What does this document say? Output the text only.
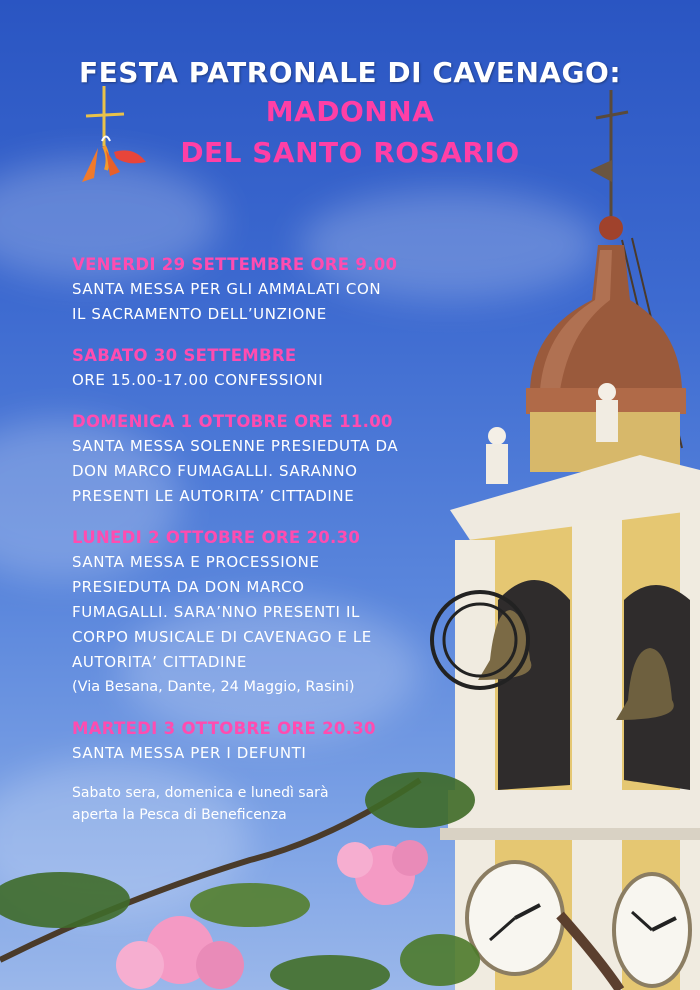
FESTA PATRONALE DI CAVENAGO:
MADONNA
DEL SANTO ROSARIO
VENERDI 29 SETTEMBRE ORE 9.00
SANTA MESSA PER GLI AMMALATI CON
IL SACRAMENTO DELL’UNZIONE
SABATO 30 SETTEMBRE
ORE 15.00-17.00 CONFESSIONI
DOMENICA 1 OTTOBRE ORE 11.00
SANTA MESSA SOLENNE PRESIEDUTA DA
DON MARCO FUMAGALLI. SARANNO
PRESENTI LE AUTORITA’ CITTADINE
LUNEDI 2 OTTOBRE ORE 20.30
SANTA MESSA E PROCESSIONE
PRESIEDUTA DA DON MARCO
FUMAGALLI. SARA’NNO PRESENTI IL
CORPO MUSICALE DI CAVENAGO E LE
AUTORITA’ CITTADINE
(Via Besana, Dante, 24 Maggio, Rasini)
MARTEDI 3 OTTOBRE ORE 20.30
SANTA MESSA PER I DEFUNTI
Sabato sera, domenica e lunedì sarà
aperta la Pesca di Beneficenza
